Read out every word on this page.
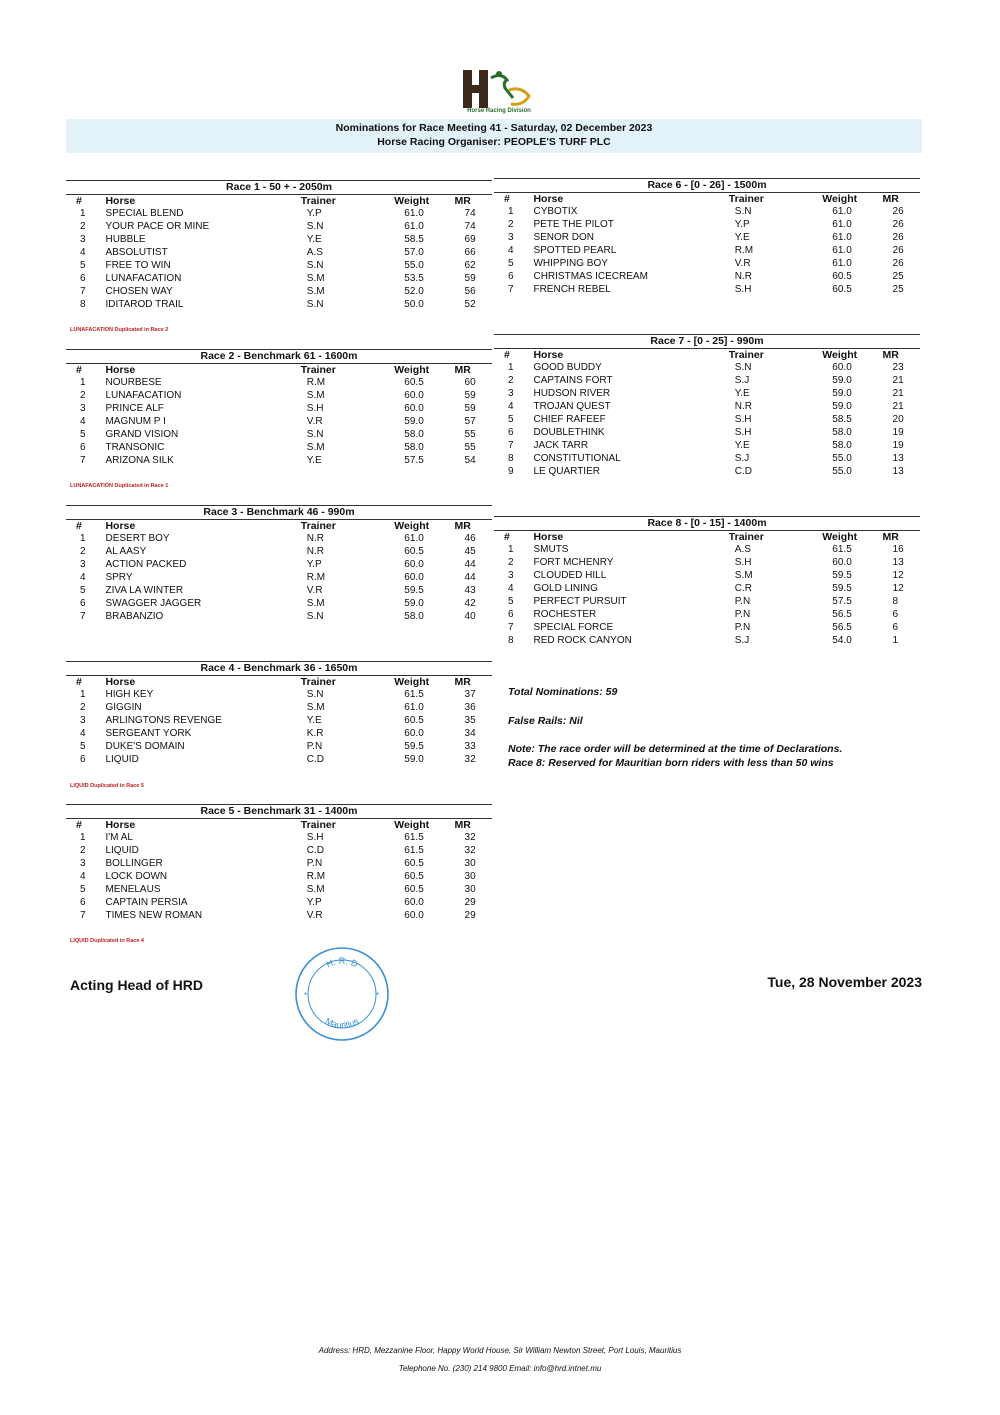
Horse Racing Division
Nominations for Race Meeting 41 - Saturday, 02 December 2023
Horse Racing Organiser: PEOPLE'S TURF PLC
Race 1 - 50 + - 2050m
#	Horse	Trainer	Weight	MR
1	SPECIAL BLEND	Y.P	61.0	74
2	YOUR PACE OR MINE	S.N	61.0	74
3	HUBBLE	Y.E	58.5	69
4	ABSOLUTIST	A.S	57.0	66
5	FREE TO WIN	S.N	55.0	62
6	LUNAFACATION	S.M	53.5	59
7	CHOSEN WAY	S.M	52.0	56
8	IDITAROD TRAIL	S.N	50.0	52
Race 2 - Benchmark 61 - 1600m
#	Horse	Trainer	Weight	MR
1	NOURBESE	R.M	60.5	60
2	LUNAFACATION	S.M	60.0	59
3	PRINCE ALF	S.H	60.0	59
4	MAGNUM P I	V.R	59.0	57
5	GRAND VISION	S.N	58.0	55
6	TRANSONIC	S.M	58.0	55
7	ARIZONA SILK	Y.E	57.5	54
Race 3 - Benchmark 46 - 990m
#	Horse	Trainer	Weight	MR
1	DESERT BOY	N.R	61.0	46
2	AL AASY	N.R	60.5	45
3	ACTION PACKED	Y.P	60.0	44
4	SPRY	R.M	60.0	44
5	ZIVA LA WINTER	V.R	59.5	43
6	SWAGGER JAGGER	S.M	59.0	42
7	BRABANZIO	S.N	58.0	40
Race 4 - Benchmark 36 - 1650m
#	Horse	Trainer	Weight	MR
1	HIGH KEY	S.N	61.5	37
2	GIGGIN	S.M	61.0	36
3	ARLINGTONS REVENGE	Y.E	60.5	35
4	SERGEANT YORK	K.R	60.0	34
5	DUKE'S DOMAIN	P.N	59.5	33
6	LIQUID	C.D	59.0	32
Race 5 - Benchmark 31 - 1400m
#	Horse	Trainer	Weight	MR
1	I'M AL	S.H	61.5	32
2	LIQUID	C.D	61.5	32
3	BOLLINGER	P.N	60.5	30
4	LOCK DOWN	R.M	60.5	30
5	MENELAUS	S.M	60.5	30
6	CAPTAIN PERSIA	Y.P	60.0	29
7	TIMES NEW ROMAN	V.R	60.0	29
Race 6 - [0 - 26] - 1500m
#	Horse	Trainer	Weight	MR
1	CYBOTIX	S.N	61.0	26
2	PETE THE PILOT	Y.P	61.0	26
3	SENOR DON	Y.E	61.0	26
4	SPOTTED PEARL	R.M	61.0	26
5	WHIPPING BOY	V.R	61.0	26
6	CHRISTMAS ICECREAM	N.R	60.5	25
7	FRENCH REBEL	S.H	60.5	25
Race 7 - [0 - 25] - 990m
#	Horse	Trainer	Weight	MR
1	GOOD BUDDY	S.N	60.0	23
2	CAPTAINS FORT	S.J	59.0	21
3	HUDSON RIVER	Y.E	59.0	21
4	TROJAN QUEST	N.R	59.0	21
5	CHIEF RAFEEF	S.H	58.5	20
6	DOUBLETHINK	S.H	58.0	19
7	JACK TARR	Y.E	58.0	19
8	CONSTITUTIONAL	S.J	55.0	13
9	LE QUARTIER	C.D	55.0	13
Race 8 - [0 - 15] - 1400m
#	Horse	Trainer	Weight	MR
1	SMUTS	A.S	61.5	16
2	FORT MCHENRY	S.H	60.0	13
3	CLOUDED HILL	S.M	59.5	12
4	GOLD LINING	C.R	59.5	12
5	PERFECT PURSUIT	P.N	57.5	8
6	ROCHESTER	P.N	56.5	6
7	SPECIAL FORCE	P.N	56.5	6
8	RED ROCK CANYON	S.J	54.0	1
LUNAFACATION Duplicated in Race 2
LUNAFACATION Duplicated in Race 1
LIQUID Duplicated in Race 5
LIQUID Duplicated in Race 4
Total Nominations: 59
False Rails: Nil
Note: The race order will be determined at the time of Declarations.
Race 8: Reserved for Mauritian born riders with less than 50 wins
Acting Head of HRD	Tue, 28 November 2023
H. R. D
Mauritius
*	*
Address: HRD, Mezzanine Floor, Happy World House, Sir William Newton Street, Port Louis, Mauritius
Telephone No. (230) 214 9800 Email: info@hrd.intnet.mu
